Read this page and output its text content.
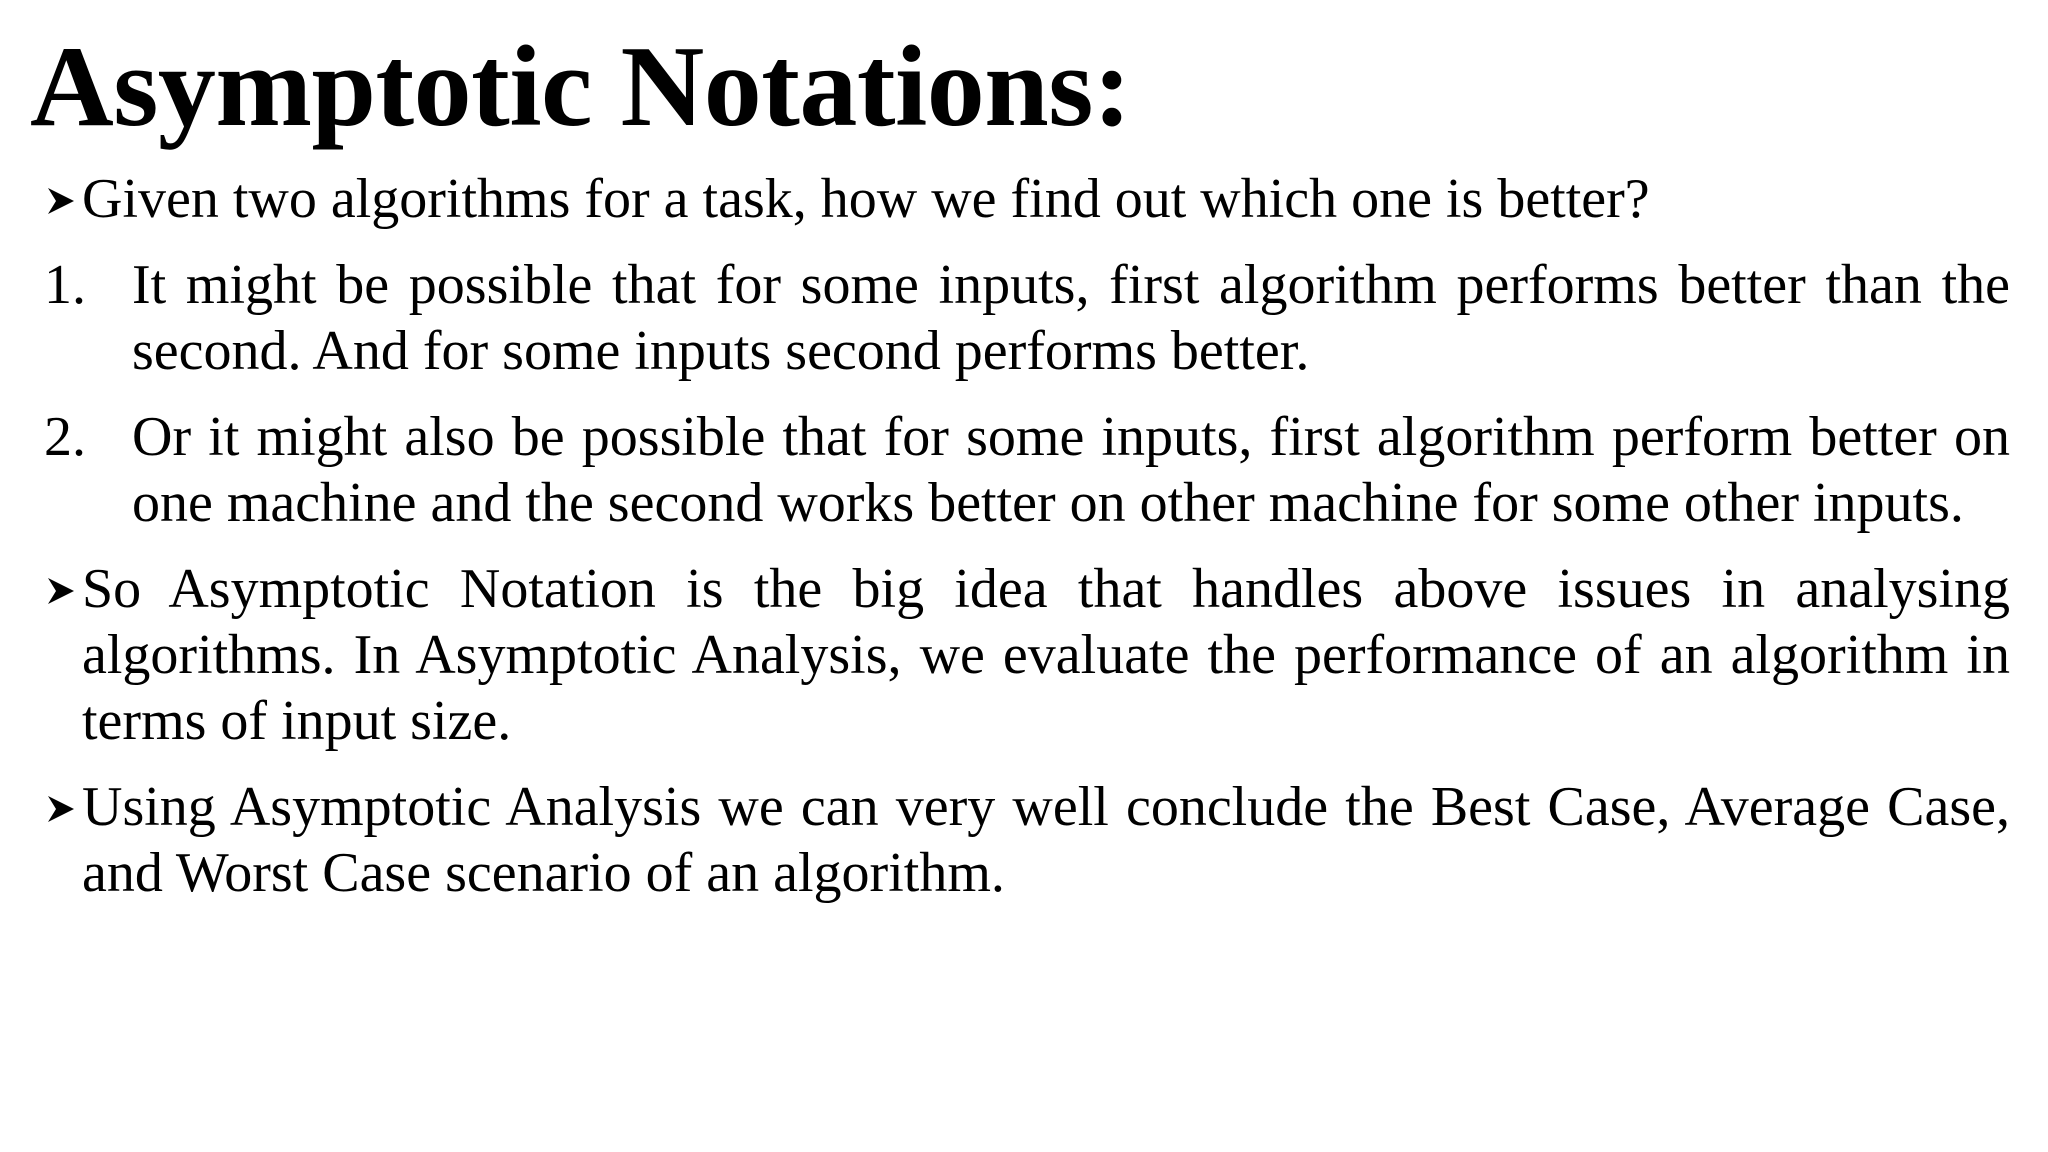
Asymptotic Notations:
Given two algorithms for a task, how we find out which one is better?
1. It might be possible that for some inputs, first algorithm performs better than the second. And for some inputs second performs better.
2. Or it might also be possible that for some inputs, first algorithm perform better on one machine and the second works better on other machine for some other inputs.
So Asymptotic Notation is the big idea that handles above issues in analysing algorithms. In Asymptotic Analysis, we evaluate the performance of an algorithm in terms of input size.
Using Asymptotic Analysis we can very well conclude the Best Case, Average Case, and Worst Case scenario of an algorithm.
